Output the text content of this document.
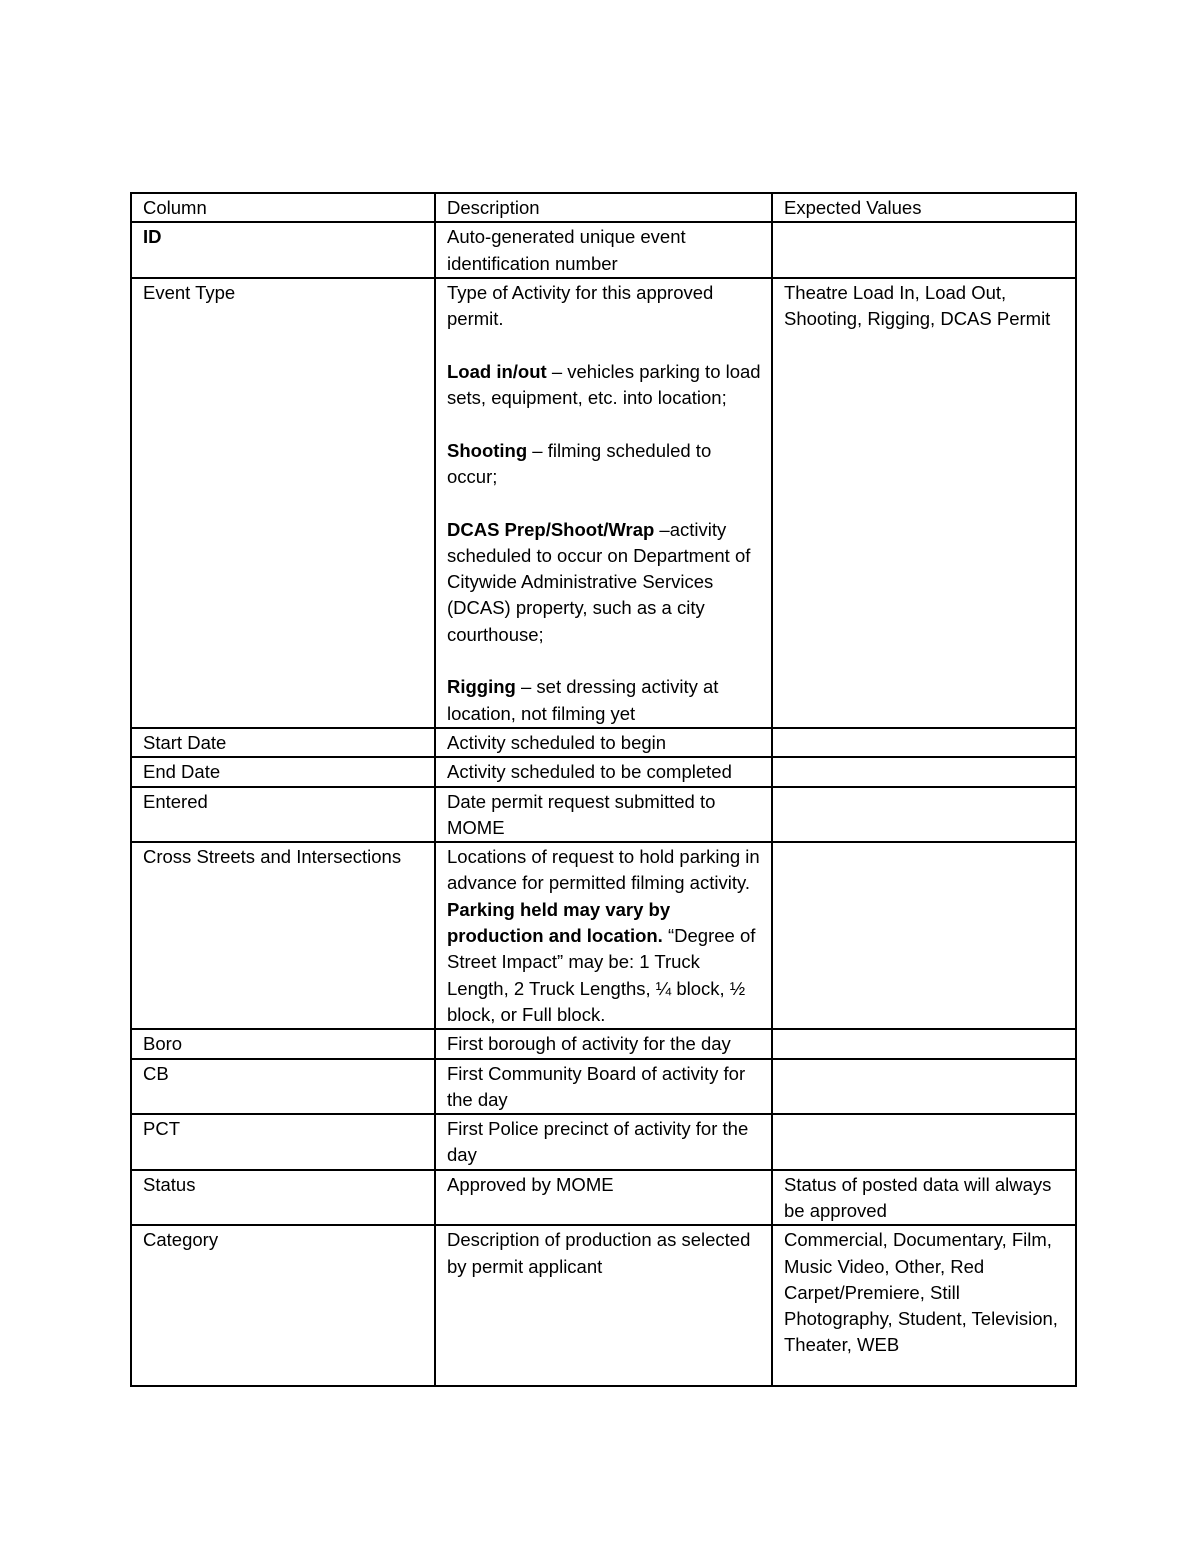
Column	Description	Expected Values
ID	Auto-generated unique event identification number	
Event Type	Type of Activity for this approved permit.
Load in/out – vehicles parking to load sets, equipment, etc. into location;
Shooting – filming scheduled to occur;
DCAS Prep/Shoot/Wrap –activity scheduled to occur on Department of Citywide Administrative Services (DCAS) property, such as a city courthouse;
Rigging – set dressing activity at location, not filming yet	Theatre Load In, Load Out, Shooting, Rigging, DCAS Permit
Start Date	Activity scheduled to begin	
End Date	Activity scheduled to be completed	
Entered	Date permit request submitted to MOME	
Cross Streets and Intersections	Locations of request to hold parking in advance for permitted filming activity. Parking held may vary by production and location. “Degree of Street Impact” may be: 1 Truck Length, 2 Truck Lengths, ¼ block, ½ block, or Full block.	
Boro	First borough of activity for the day	
CB	First Community Board of activity for the day	
PCT	First Police precinct of activity for the day	
Status	Approved by MOME	Status of posted data will always be approved
Category	Description of production as selected by permit applicant	Commercial, Documentary, Film, Music Video, Other, Red Carpet/Premiere, Still Photography, Student, Television, Theater, WEB
